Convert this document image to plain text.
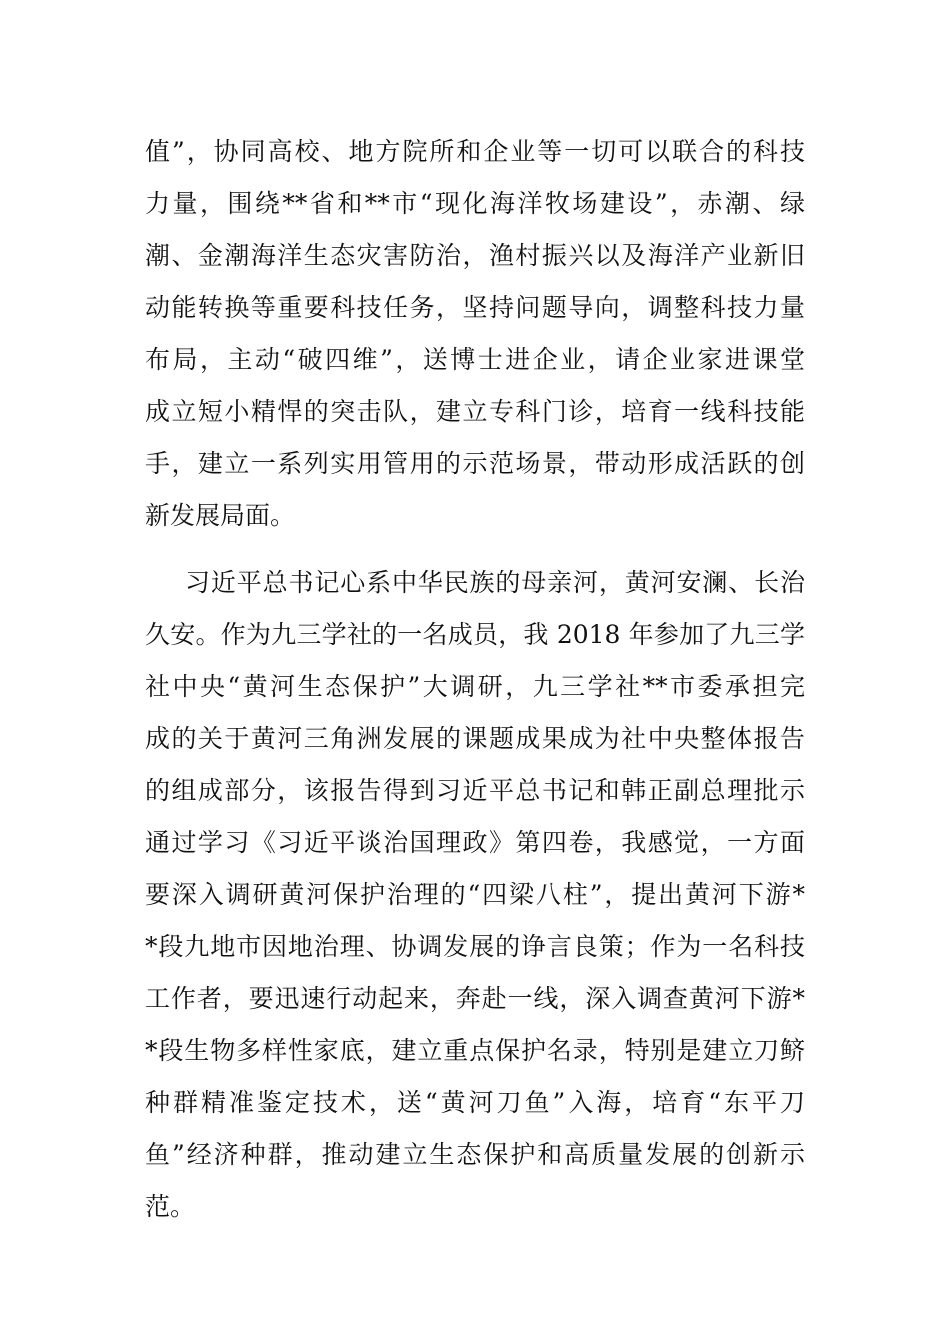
值”，协同高校、地方院所和企业等一切可以联合的科技
力量，围绕**省和**市“现化海洋牧场建设”，赤潮、绿
潮、金潮海洋生态灾害防治，渔村振兴以及海洋产业新旧
动能转换等重要科技任务，坚持问题导向，调整科技力量
布局，主动“破四维”，送博士进企业，请企业家进课堂
成立短小精悍的突击队，建立专科门诊，培育一线科技能
手，建立一系列实用管用的示范场景，带动形成活跃的创
新发展局面。
习近平总书记心系中华民族的母亲河，黄河安澜、长治
久安。作为九三学社的一名成员，我 2018 年参加了九三学
社中央“黄河生态保护”大调研，九三学社**市委承担完
成的关于黄河三角洲发展的课题成果成为社中央整体报告
的组成部分，该报告得到习近平总书记和韩正副总理批示
通过学习《习近平谈治国理政》第四卷，我感觉，一方面
要深入调研黄河保护治理的“四梁八柱”，提出黄河下游*
*段九地市因地治理、协调发展的诤言良策；作为一名科技
工作者，要迅速行动起来，奔赴一线，深入调查黄河下游*
*段生物多样性家底，建立重点保护名录，特别是建立刀鲚
种群精准鉴定技术，送“黄河刀鱼”入海，培育“东平刀
鱼”经济种群，推动建立生态保护和高质量发展的创新示
范。
